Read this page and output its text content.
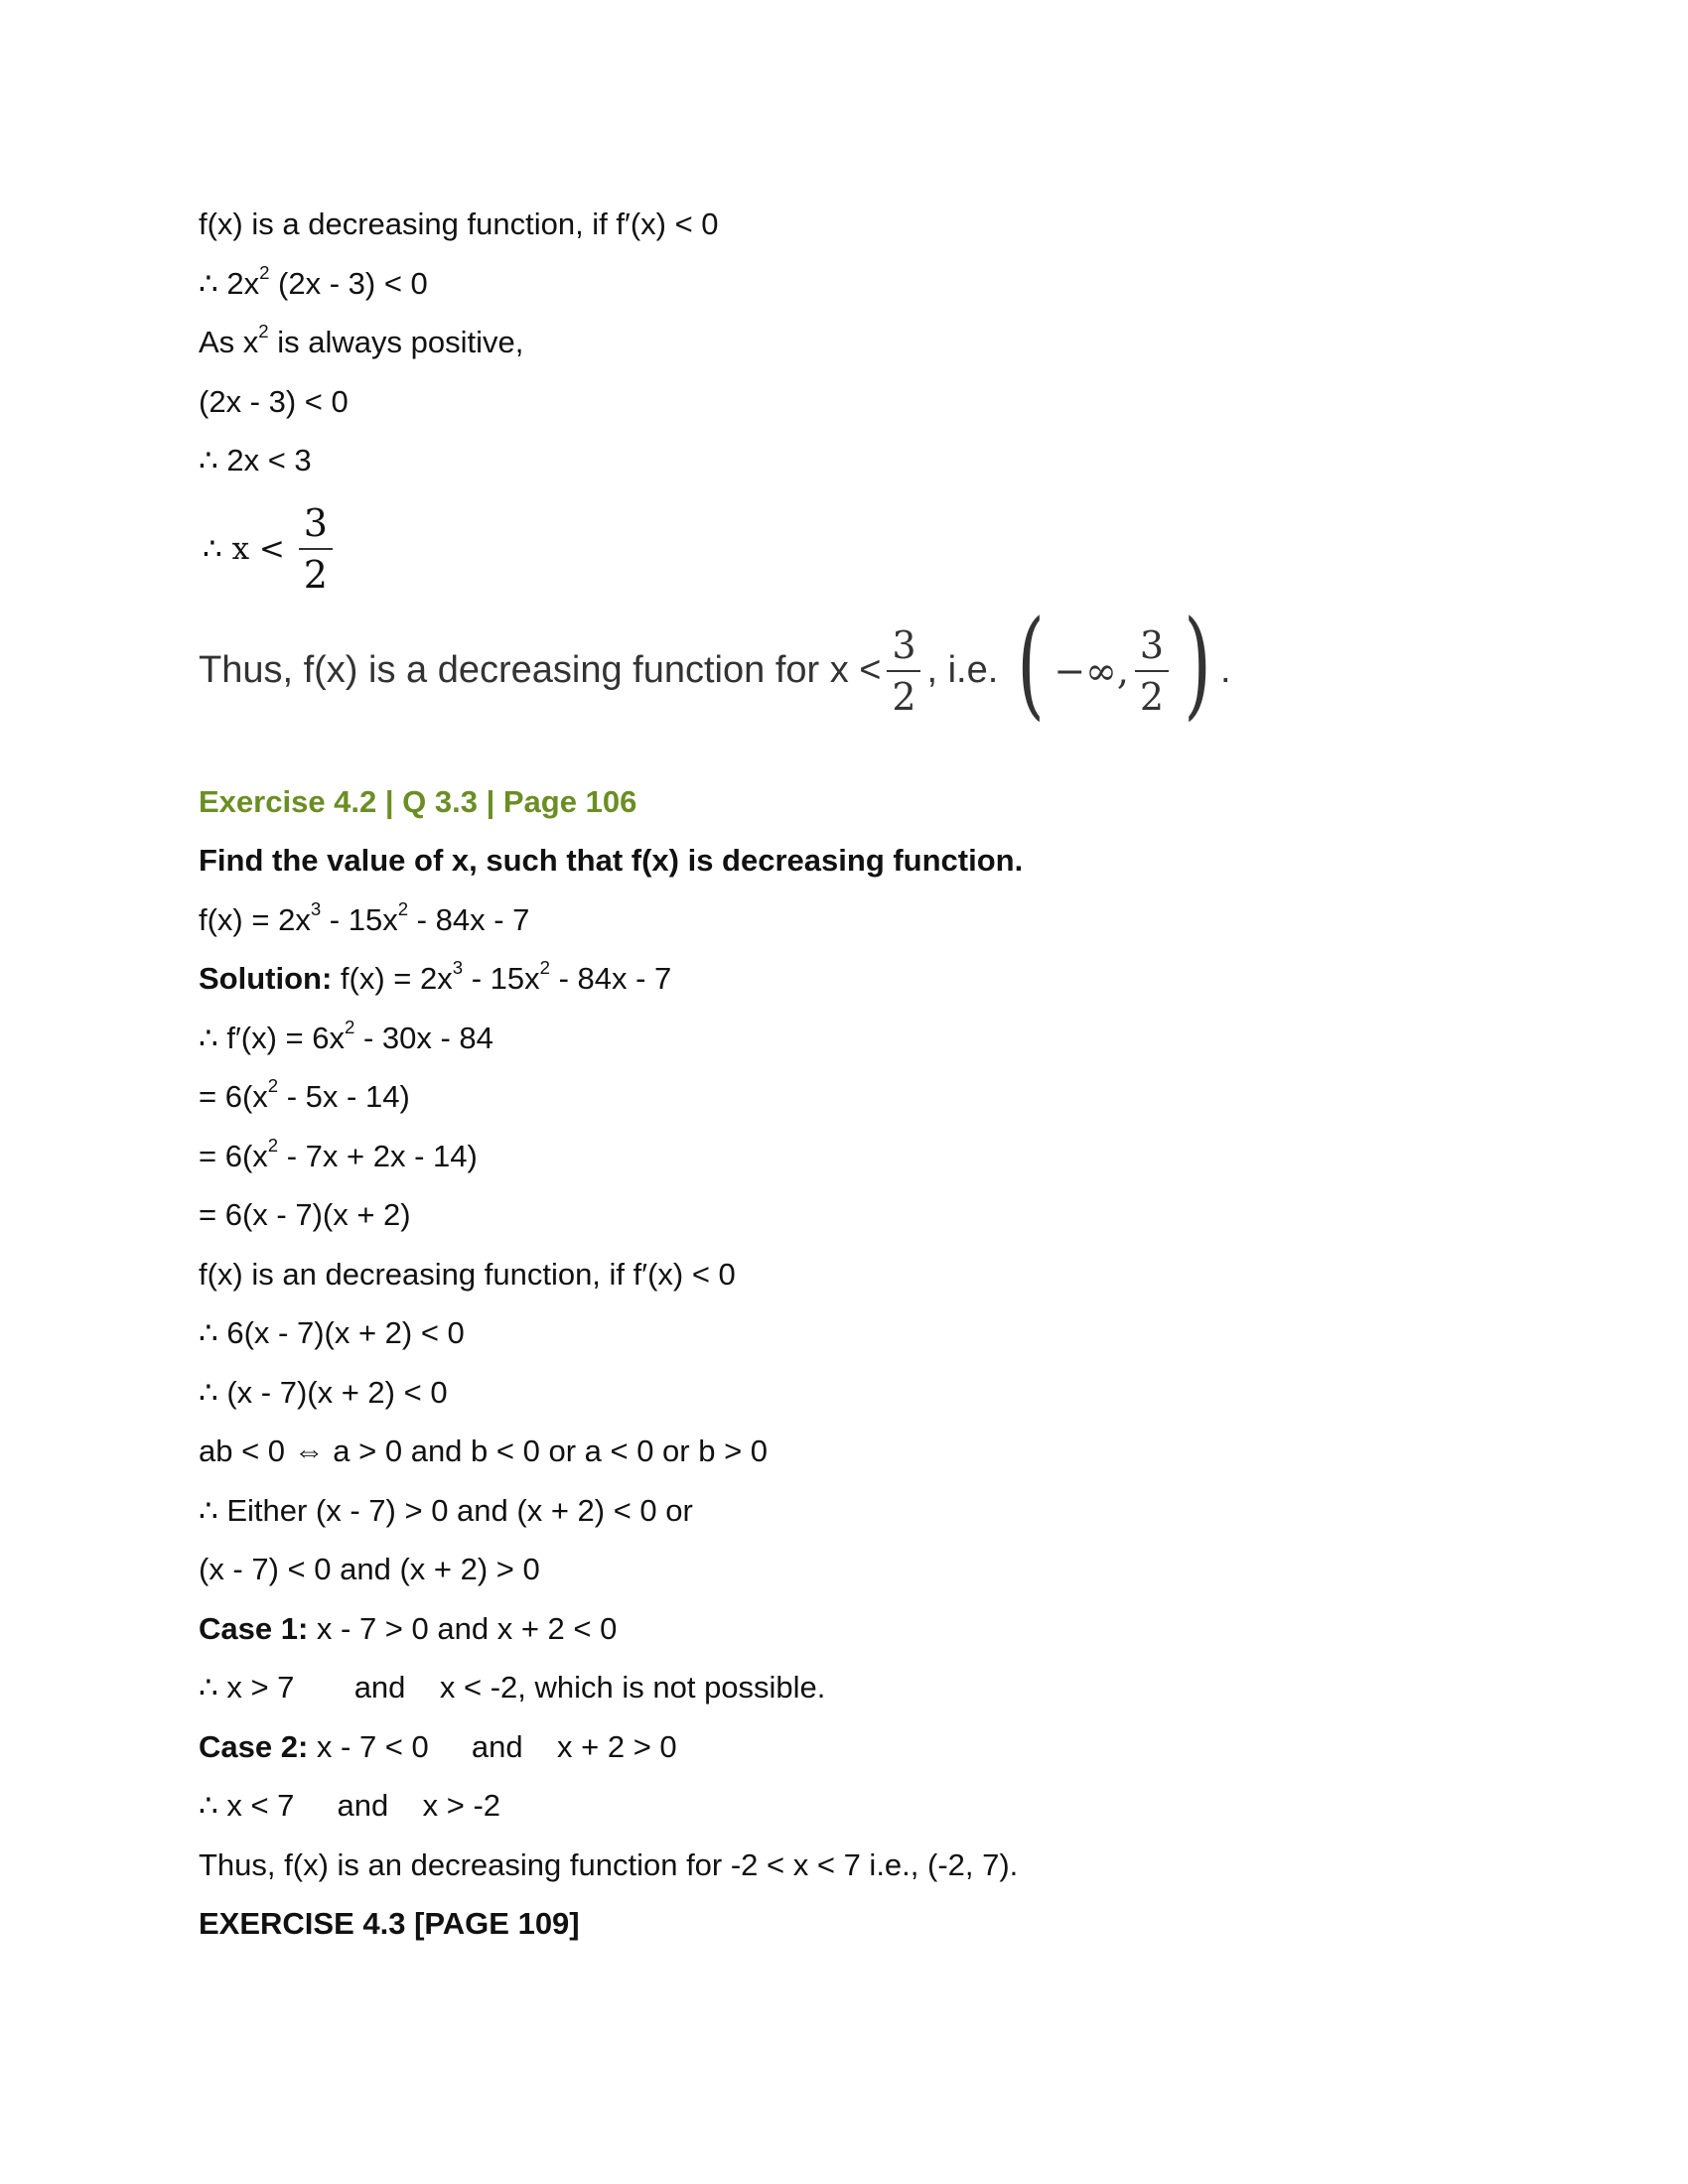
f(x) is a decreasing function, if f′(x) < 0
∴ $2x^2$ (2x - 3) < 0
As $x^2$ is always positive,
(2x - 3) < 0
∴ 2x < 3
∴ $x < \frac{3}{2}$
Thus, f(x) is a decreasing function for $x < \frac{3}{2}$ , i.e. ( −∞, $\frac{3}{2}$ ) .
Exercise 4.2 | Q 3.3 | Page 106
Find the value of x, such that f(x) is decreasing function.
$f(x) = 2x^3 - 15x^2 - 84x - 7$
Solution: $f(x) = 2x^3 - 15x^2 - 84x - 7$
∴ $f'(x) = 6x^2 - 30x - 84$
= $6(x^2 - 5x - 14)$
= $6(x^2 - 7x + 2x - 14)$
= 6(x - 7)(x + 2)
f(x) is an decreasing function, if f′(x) < 0
∴ 6(x - 7)(x + 2) < 0
∴ (x - 7)(x + 2) < 0
ab < 0 ⇔ a > 0 and b < 0 or a < 0 or b > 0
∴ Either (x - 7) > 0 and (x + 2) < 0 or
(x - 7) < 0 and (x + 2) > 0
Case 1: x - 7 > 0 and x + 2 < 0
∴ x > 7       and    x < -2, which is not possible.
Case 2: x - 7 < 0     and    x + 2 > 0
∴ x < 7     and    x > -2
Thus, f(x) is an decreasing function for -2 < x < 7 i.e., (-2, 7).
EXERCISE 4.3 [PAGE 109]
